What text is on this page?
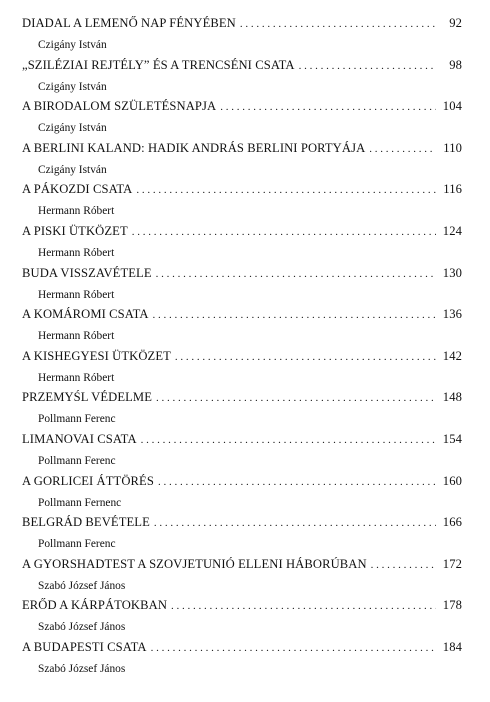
DIADAL A LEMENŐ NAP FÉNYÉBEN . . .	92
Czigány István
„SZILÉZIAI REJTÉLY” ÉS A TRENCSÉNI CSATA . . .	98
Czigány István
A BIRODALOM SZÜLETÉSNAPJA . . .	104
Czigány István
A BERLINI KALAND: HADIK ANDRÁS BERLINI PORTYÁJA . . .	110
Czigány István
A PÁKOZDI CSATA . . .	116
Hermann Róbert
A PISKI ÜTKÖZET . . .	124
Hermann Róbert
BUDA VISSZAVÉTELE . . .	130
Hermann Róbert
A KOMÁROMI CSATA . . .	136
Hermann Róbert
A KISHEGYESI ÜTKÖZET . . .	142
Hermann Róbert
PRZEMYŚL VÉDELME . . .	148
Pollmann Ferenc
LIMANOVAI CSATA . . .	154
Pollmann Ferenc
A GORLICEI ÁTTÖRÉS . . .	160
Pollmann Fernenc
BELGRÁD BEVÉTELE . . .	166
Pollmann Ferenc
A GYORSHADTEST A SZOVJETUNIÓ ELLENI HÁBORÚBAN . . .	172
Szabó József János
ERŐD A KÁRPÁTOKBAN . . .	178
Szabó József János
A BUDAPESTI CSATA . . .	184
Szabó József János
